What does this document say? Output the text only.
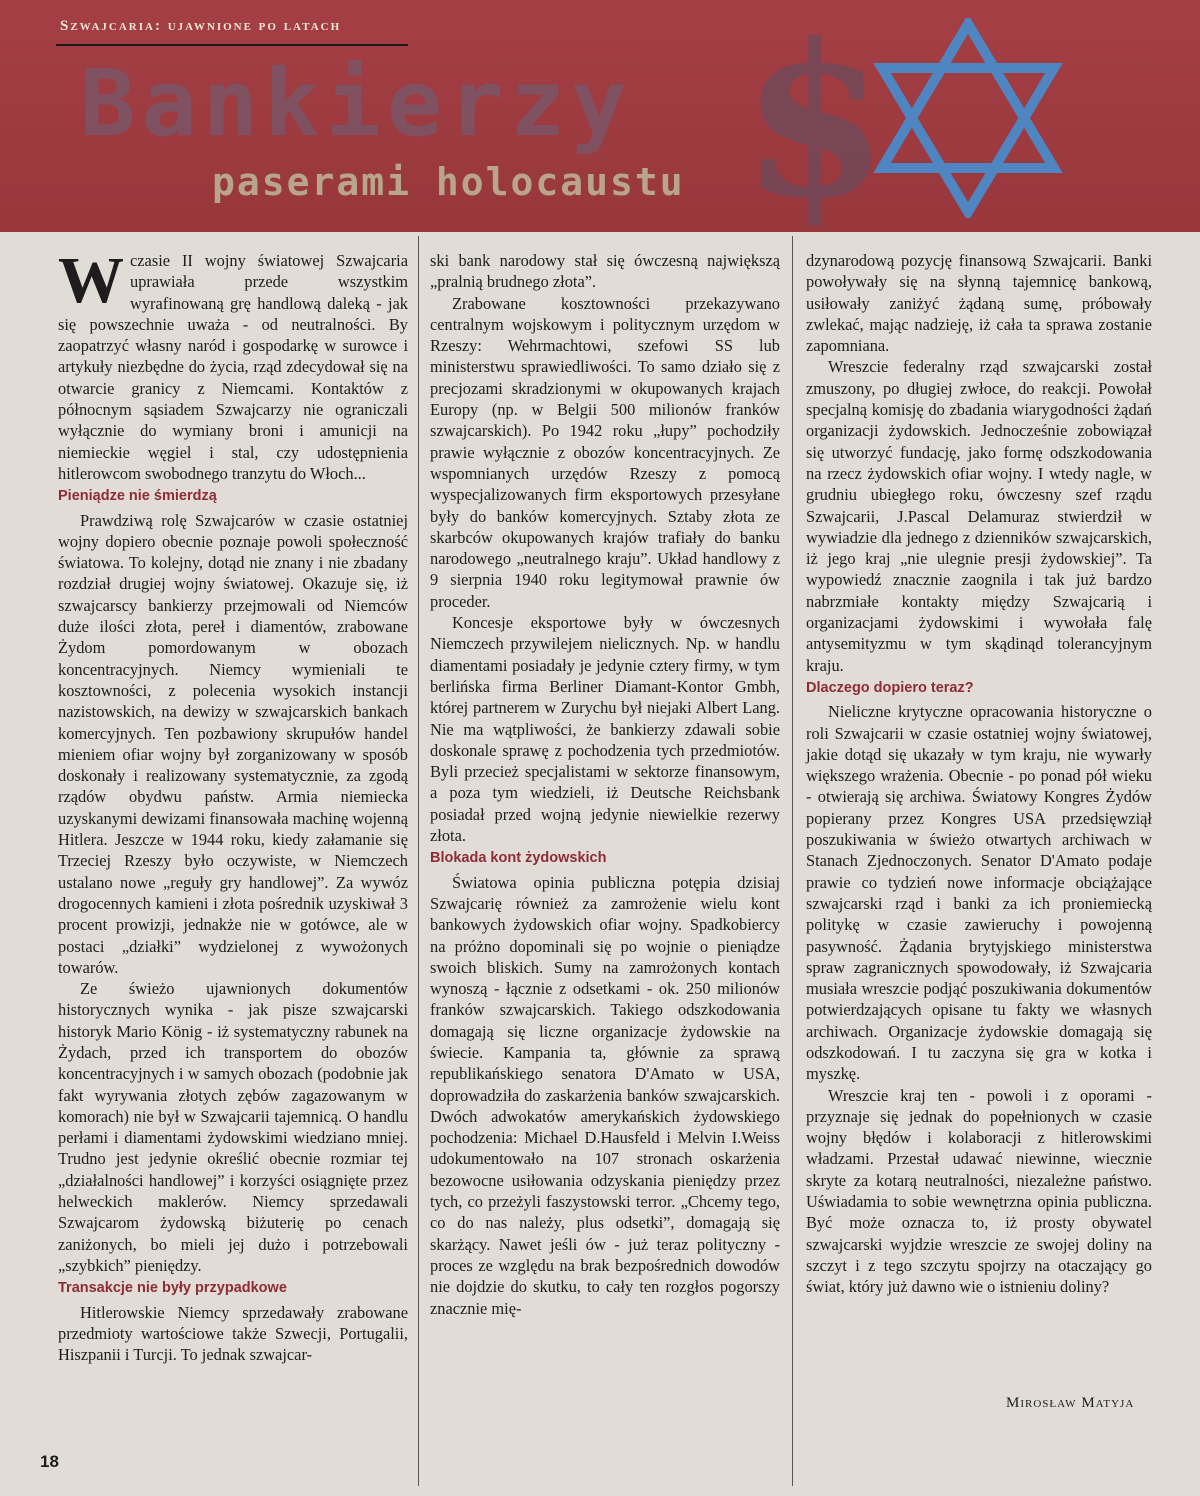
Szwajcaria: ujawnione po latach $
Bankierzy
paserami holocaustu

Wczasie II wojny światowej Szwajcaria uprawiała przede wszystkim wyrafinowaną grę handlową daleką - jak się powszechnie uważa - od neutralności. By zaopatrzyć własny naród i gospodarkę w surowce i artykuły niezbędne do życia, rząd zdecydował się na otwarcie granicy z Niemcami. Kontaktów z północnym sąsiadem Szwajcarzy nie ograniczali wyłącznie do wymiany broni i amunicji na niemieckie węgiel i stal, czy udostępnienia hitlerowcom swobodnego tranzytu do Włoch...

Pieniądze nie śmierdzą

Prawdziwą rolę Szwajcarów w czasie ostatniej wojny dopiero obecnie poznaje powoli społeczność światowa. To kolejny, dotąd nie znany i nie zbadany rozdział drugiej wojny światowej. Okazuje się, iż szwajcarscy bankierzy przejmowali od Niemców duże ilości złota, pereł i diamentów, zrabowane Żydom pomordowanym w obozach koncentracyjnych. Niemcy wymieniali te kosztowności, z polecenia wysokich instancji nazistowskich, na dewizy w szwajcarskich bankach komercyjnych. Ten pozbawiony skrupułów handel mieniem ofiar wojny był zorganizowany w sposób doskonały i realizowany systematycznie, za zgodą rządów obydwu państw. Armia niemiecka uzyskanymi dewizami finansowała machinę wojenną Hitlera. Jeszcze w 1944 roku, kiedy załamanie się Trzeciej Rzeszy było oczywiste, w Niemczech ustalano nowe „reguły gry handlowej”. Za wywóz drogocennych kamieni i złota pośrednik uzyskiwał 3 procent prowizji, jednakże nie w gotówce, ale w postaci „działki” wydzielonej z wywożonych towarów.

Ze świeżo ujawnionych dokumentów historycznych wynika - jak pisze szwajcarski historyk Mario König - iż systematyczny rabunek na Żydach, przed ich transportem do obozów koncentracyjnych i w samych obozach (podobnie jak fakt wyrywania złotych zębów zagazowanym w komorach) nie był w Szwajcarii tajemnicą. O handlu perłami i diamentami żydowskimi wiedziano mniej. Trudno jest jedynie określić obecnie rozmiar tej „działalności handlowej” i korzyści osiągnięte przez helweckich maklerów. Niemcy sprzedawali Szwajcarom żydowską biżuterię po cenach zaniżonych, bo mieli jej dużo i potrzebowali „szybkich” pieniędzy.

Transakcje nie były przypadkowe

Hitlerowskie Niemcy sprzedawały zrabowane przedmioty wartościowe także Szwecji, Portugalii, Hiszpanii i Turcji. To jednak szwajcar-

ski bank narodowy stał się ówczesną największą „pralnią brudnego złota”.

Zrabowane kosztowności przekazywano centralnym wojskowym i politycznym urzędom w Rzeszy: Wehrmachtowi, szefowi SS lub ministerstwu sprawiedliwości. To samo działo się z precjozami skradzionymi w okupowanych krajach Europy (np. w Belgii 500 milionów franków szwajcarskich). Po 1942 roku „łupy” pochodziły prawie wyłącznie z obozów koncentracyjnych. Ze wspomnianych urzędów Rzeszy z pomocą wyspecjalizowanych firm eksportowych przesyłane były do banków komercyjnych. Sztaby złota ze skarbców okupowanych krajów trafiały do banku narodowego „neutralnego kraju”. Układ handlowy z 9 sierpnia 1940 roku legitymował prawnie ów proceder.

Koncesje eksportowe były w ówczesnych Niemczech przywilejem nielicznych. Np. w handlu diamentami posiadały je jedynie cztery firmy, w tym berlińska firma Berliner Diamant-Kontor Gmbh, której partnerem w Zurychu był niejaki Albert Lang. Nie ma wątpliwości, że bankierzy zdawali sobie doskonale sprawę z pochodzenia tych przedmiotów. Byli przecież specjalistami w sektorze finansowym, a poza tym wiedzieli, iż Deutsche Reichsbank posiadał przed wojną jedynie niewielkie rezerwy złota.

Blokada kont żydowskich

Światowa opinia publiczna potępia dzisiaj Szwajcarię również za zamrożenie wielu kont bankowych żydowskich ofiar wojny. Spadkobiercy na próżno dopominali się po wojnie o pieniądze swoich bliskich. Sumy na zamrożonych kontach wynoszą - łącznie z odsetkami - ok. 250 milionów franków szwajcarskich. Takiego odszkodowania domagają się liczne organizacje żydowskie na świecie. Kampania ta, głównie za sprawą republikańskiego senatora D'Amato w USA, doprowadziła do zaskarżenia banków szwajcarskich. Dwóch adwokatów amerykańskich żydowskiego pochodzenia: Michael D.Hausfeld i Melvin I.Weiss udokumentowało na 107 stronach oskarżenia bezowocne usiłowania odzyskania pieniędzy przez tych, co przeżyli faszystowski terror. „Chcemy tego, co do nas należy, plus odsetki”, domagają się skarżący. Nawet jeśli ów - już teraz polityczny - proces ze względu na brak bezpośrednich dowodów nie dojdzie do skutku, to cały ten rozgłos pogorszy znacznie mię-

dzynarodową pozycję finansową Szwajcarii. Banki powoływały się na słynną tajemnicę bankową, usiłowały zaniżyć żądaną sumę, próbowały zwlekać, mając nadzieję, iż cała ta sprawa zostanie zapomniana.

Wreszcie federalny rząd szwajcarski został zmuszony, po długiej zwłoce, do reakcji. Powołał specjalną komisję do zbadania wiarygodności żądań organizacji żydowskich. Jednocześnie zobowiązał się utworzyć fundację, jako formę odszkodowania na rzecz żydowskich ofiar wojny. I wtedy nagle, w grudniu ubiegłego roku, ówczesny szef rządu Szwajcarii, J.Pascal Delamuraz stwierdził w wywiadzie dla jednego z dzienników szwajcarskich, iż jego kraj „nie ulegnie presji żydowskiej”. Ta wypowiedź znacznie zaognila i tak już bardzo nabrzmiałe kontakty między Szwajcarią i organizacjami żydowskimi i wywołała falę antysemityzmu w tym skądinąd tolerancyjnym kraju.

Dlaczego dopiero teraz?

Nieliczne krytyczne opracowania historyczne o roli Szwajcarii w czasie ostatniej wojny światowej, jakie dotąd się ukazały w tym kraju, nie wywarły większego wrażenia. Obecnie - po ponad pół wieku - otwierają się archiwa. Światowy Kongres Żydów popierany przez Kongres USA przedsięwziął poszukiwania w świeżo otwartych archiwach w Stanach Zjednoczonych. Senator D'Amato podaje prawie co tydzień nowe informacje obciążające szwajcarski rząd i banki za ich proniemiecką politykę w czasie zawieruchy i powojenną pasywność. Żądania brytyjskiego ministerstwa spraw zagranicznych spowodowały, iż Szwajcaria musiała wreszcie podjąć poszukiwania dokumentów potwierdzających opisane tu fakty we własnych archiwach. Organizacje żydowskie domagają się odszkodowań. I tu zaczyna się gra w kotka i myszkę.

Wreszcie kraj ten - powoli i z oporami - przyznaje się jednak do popełnionych w czasie wojny błędów i kolaboracji z hitlerowskimi władzami. Przestał udawać niewinne, wiecznie skryte za kotarą neutralności, niezależne państwo. Uświadamia to sobie wewnętrzna opinia publiczna. Być może oznacza to, iż prosty obywatel szwajcarski wyjdzie wreszcie ze swojej doliny na szczyt i z tego szczytu spojrzy na otaczający go świat, który już dawno wie o istnieniu doliny?

Mirosław Matyja
18
